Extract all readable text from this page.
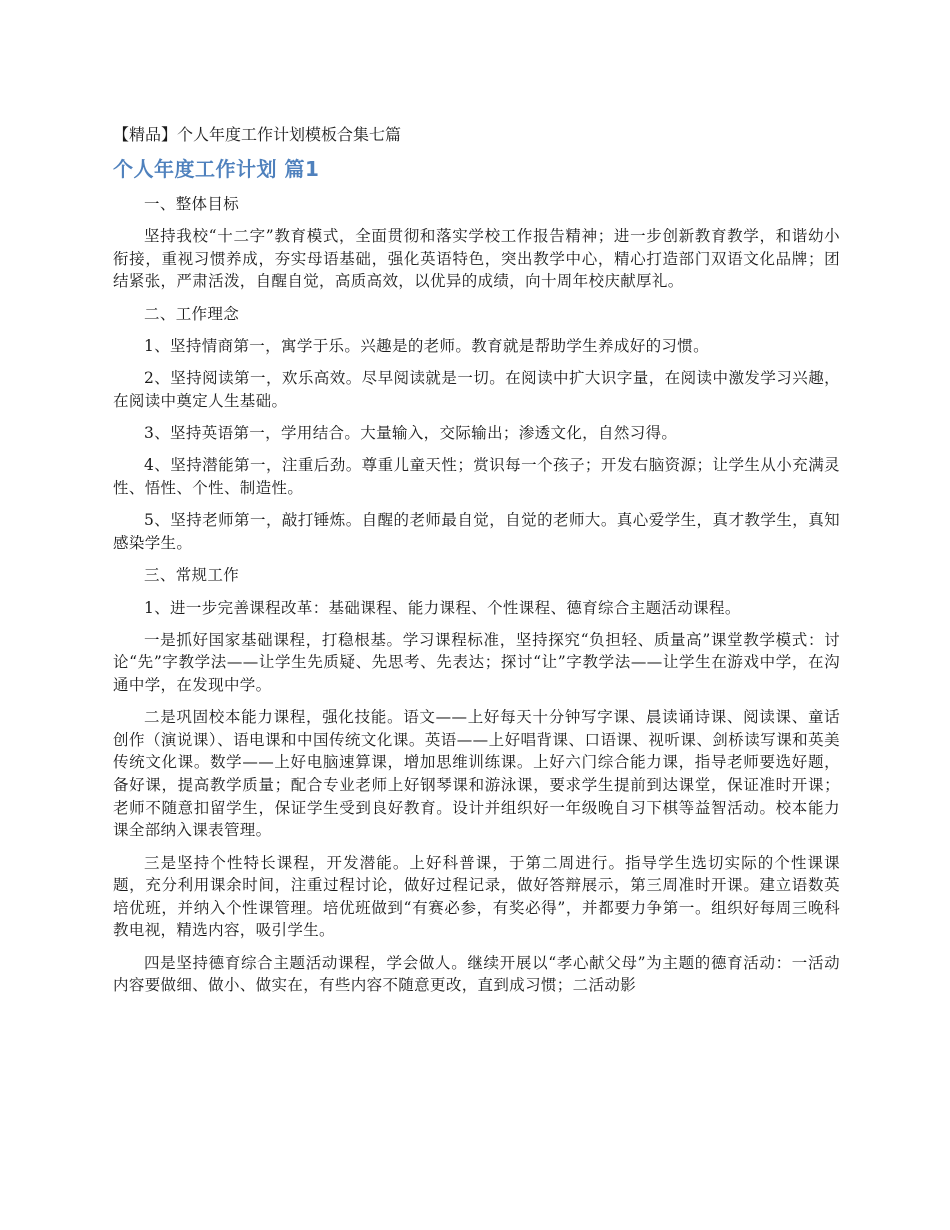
【精品】个人年度工作计划模板合集七篇
个人年度工作计划 篇1

一、整体目标

坚持我校“十二字”教育模式，全面贯彻和落实学校工作报告精神；进一步创新教育教学，和谐幼小衔接，重视习惯养成，夯实母语基础，强化英语特色，突出教学中心，精心打造部门双语文化品牌；团结紧张，严肃活泼，自醒自觉，高质高效，以优异的成绩，向十周年校庆献厚礼。

二、工作理念

1、坚持情商第一，寓学于乐。兴趣是的老师。教育就是帮助学生养成好的习惯。

2、坚持阅读第一，欢乐高效。尽早阅读就是一切。在阅读中扩大识字量，在阅读中激发学习兴趣，在阅读中奠定人生基础。

3、坚持英语第一，学用结合。大量输入，交际输出；渗透文化，自然习得。

4、坚持潜能第一，注重后劲。尊重儿童天性；赏识每一个孩子；开发右脑资源；让学生从小充满灵性、悟性、个性、制造性。

5、坚持老师第一，敲打锤炼。自醒的老师最自觉，自觉的老师大。真心爱学生，真才教学生，真知感染学生。

三、常规工作

1、进一步完善课程改革：基础课程、能力课程、个性课程、德育综合主题活动课程。

一是抓好国家基础课程，打稳根基。学习课程标准，坚持探究“负担轻、质量高”课堂教学模式：讨论“先”字教学法——让学生先质疑、先思考、先表达；探讨“让”字教学法——让学生在游戏中学，在沟通中学，在发现中学。

二是巩固校本能力课程，强化技能。语文——上好每天十分钟写字课、晨读诵诗课、阅读课、童话创作（演说课）、语电课和中国传统文化课。英语——上好唱背课、口语课、视听课、剑桥读写课和英美传统文化课。数学——上好电脑速算课，增加思维训练课。上好六门综合能力课，指导老师要选好题，备好课，提高教学质量；配合专业老师上好钢琴课和游泳课，要求学生提前到达课堂，保证准时开课；老师不随意扣留学生，保证学生受到良好教育。设计并组织好一年级晚自习下棋等益智活动。校本能力课全部纳入课表管理。

三是坚持个性特长课程，开发潜能。上好科普课，于第二周进行。指导学生选切实际的个性课课题，充分利用课余时间，注重过程讨论，做好过程记录，做好答辩展示，第三周准时开课。建立语数英培优班，并纳入个性课管理。培优班做到“有赛必参，有奖必得”，并都要力争第一。组织好每周三晚科教电视，精选内容，吸引学生。

四是坚持德育综合主题活动课程，学会做人。继续开展以“孝心献父母”为主题的德育活动：一活动内容要做细、做小、做实在，有些内容不随意更改，直到成习惯；二活动影
